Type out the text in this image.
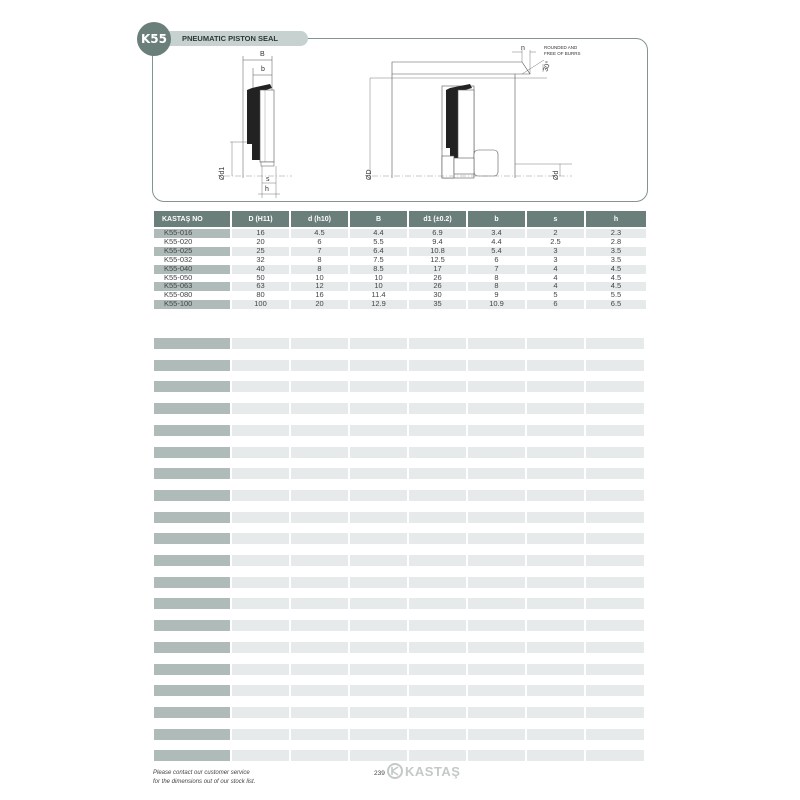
K55	PNEUMATIC PISTON SEAL
B
b
s
h
Ød1
n
30°
ROUNDED AND
FREE OF BURRS
ØD	Ød
KASTAŞ NO	D (H11)	d (h10)	B	d1 (±0.2)	b	s	h

K55-016	16	4.5	4.4	6.9	3.4	2	2.3
K55-020	20	6	5.5	9.4	4.4	2.5	2.8
K55-025	25	7	6.4	10.8	5.4	3	3.5
K55-032	32	8	7.5	12.5	6	3	3.5
K55-040	40	8	8.5	17	7	4	4.5
K55-050	50	10	10	26	8	4	4.5
K55-063	63	12	10	26	8	4	4.5
K55-080	80	16	11.4	30	9	5	5.5
K55-100	100	20	12.9	35	10.9	6	6.5
Please contact our customer service
for the dimensions out of our stock list.
239 KASTAŞ
